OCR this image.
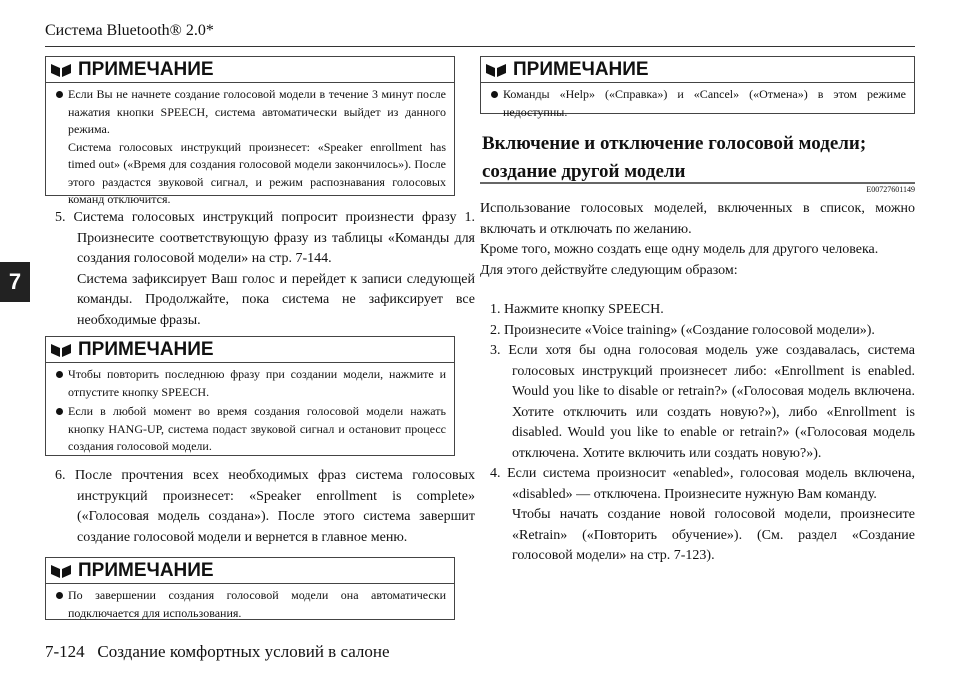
Система Bluetooth® 2.0*
7
ПРИМЕЧАНИЕ
Если Вы не начнете создание голосовой модели в течение 3 минут после нажатия кнопки SPEECH, система автоматически выйдет из данного режима.
Система голосовых инструкций произнесет: «Speaker enrollment has timed out» («Время для создания голосовой модели закончилось»). После этого раздастся звуковой сигнал, и режим распознавания голосовых команд отключится.
5. Система голосовых инструкций попросит произнести фразу 1. Произнесите соответствующую фразу из таблицы «Команды для создания голосовой модели» на стр. 7-144.

Система зафиксирует Ваш голос и перейдет к записи следующей команды. Продолжайте, пока система не зафиксирует все необходимые фразы.

ПРИМЕЧАНИЕ
Чтобы повторить последнюю фразу при создании модели, нажмите и отпустите кнопку SPEECH.
Если в любой момент во время создания голосовой модели нажать кнопку HANG-UP, система подаст звуковой сигнал и остановит процесс создания голосовой модели.
6. После прочтения всех необходимых фраз система голосовых инструкций произнесет: «Speaker enrollment is complete» («Голосовая модель создана»). После этого система завершит создание голосовой модели и вернется в главное меню.
ПРИМЕЧАНИЕ
По завершении создания голосовой модели она автоматически подключается для использования.
ПРИМЕЧАНИЕ
Команды «Help» («Справка») и «Cancel» («Отмена») в этом режиме недоступны.
Включение и отключение голосовой модели; создание другой модели
E00727601149
Использование голосовых моделей, включенных в список, можно включать и отключать по желанию.
Кроме того, можно создать еще одну модель для другого человека.
Для этого действуйте следующим образом:
1. Нажмите кнопку SPEECH.
2. Произнесите «Voice training» («Создание голосовой модели»).
3. Если хотя бы одна голосовая модель уже создавалась, система голосовых инструкций произнесет либо: «Enrollment is enabled. Would you like to disable or retrain?» («Голосовая модель включена. Хотите отключить или создать новую?»), либо «Enrollment is disabled. Would you like to enable or retrain?» («Голосовая модель отключена. Хотите включить или создать новую?»).
4. Если система произносит «enabled», голосовая модель включена, «disabled» — отключена. Произнесите нужную Вам команду.

Чтобы начать создание новой голосовой модели, произнесите «Retrain» («Повторить обучение»). (См. раздел «Создание голосовой модели» на стр. 7-123).

7-124 Создание комфортных условий в салоне
